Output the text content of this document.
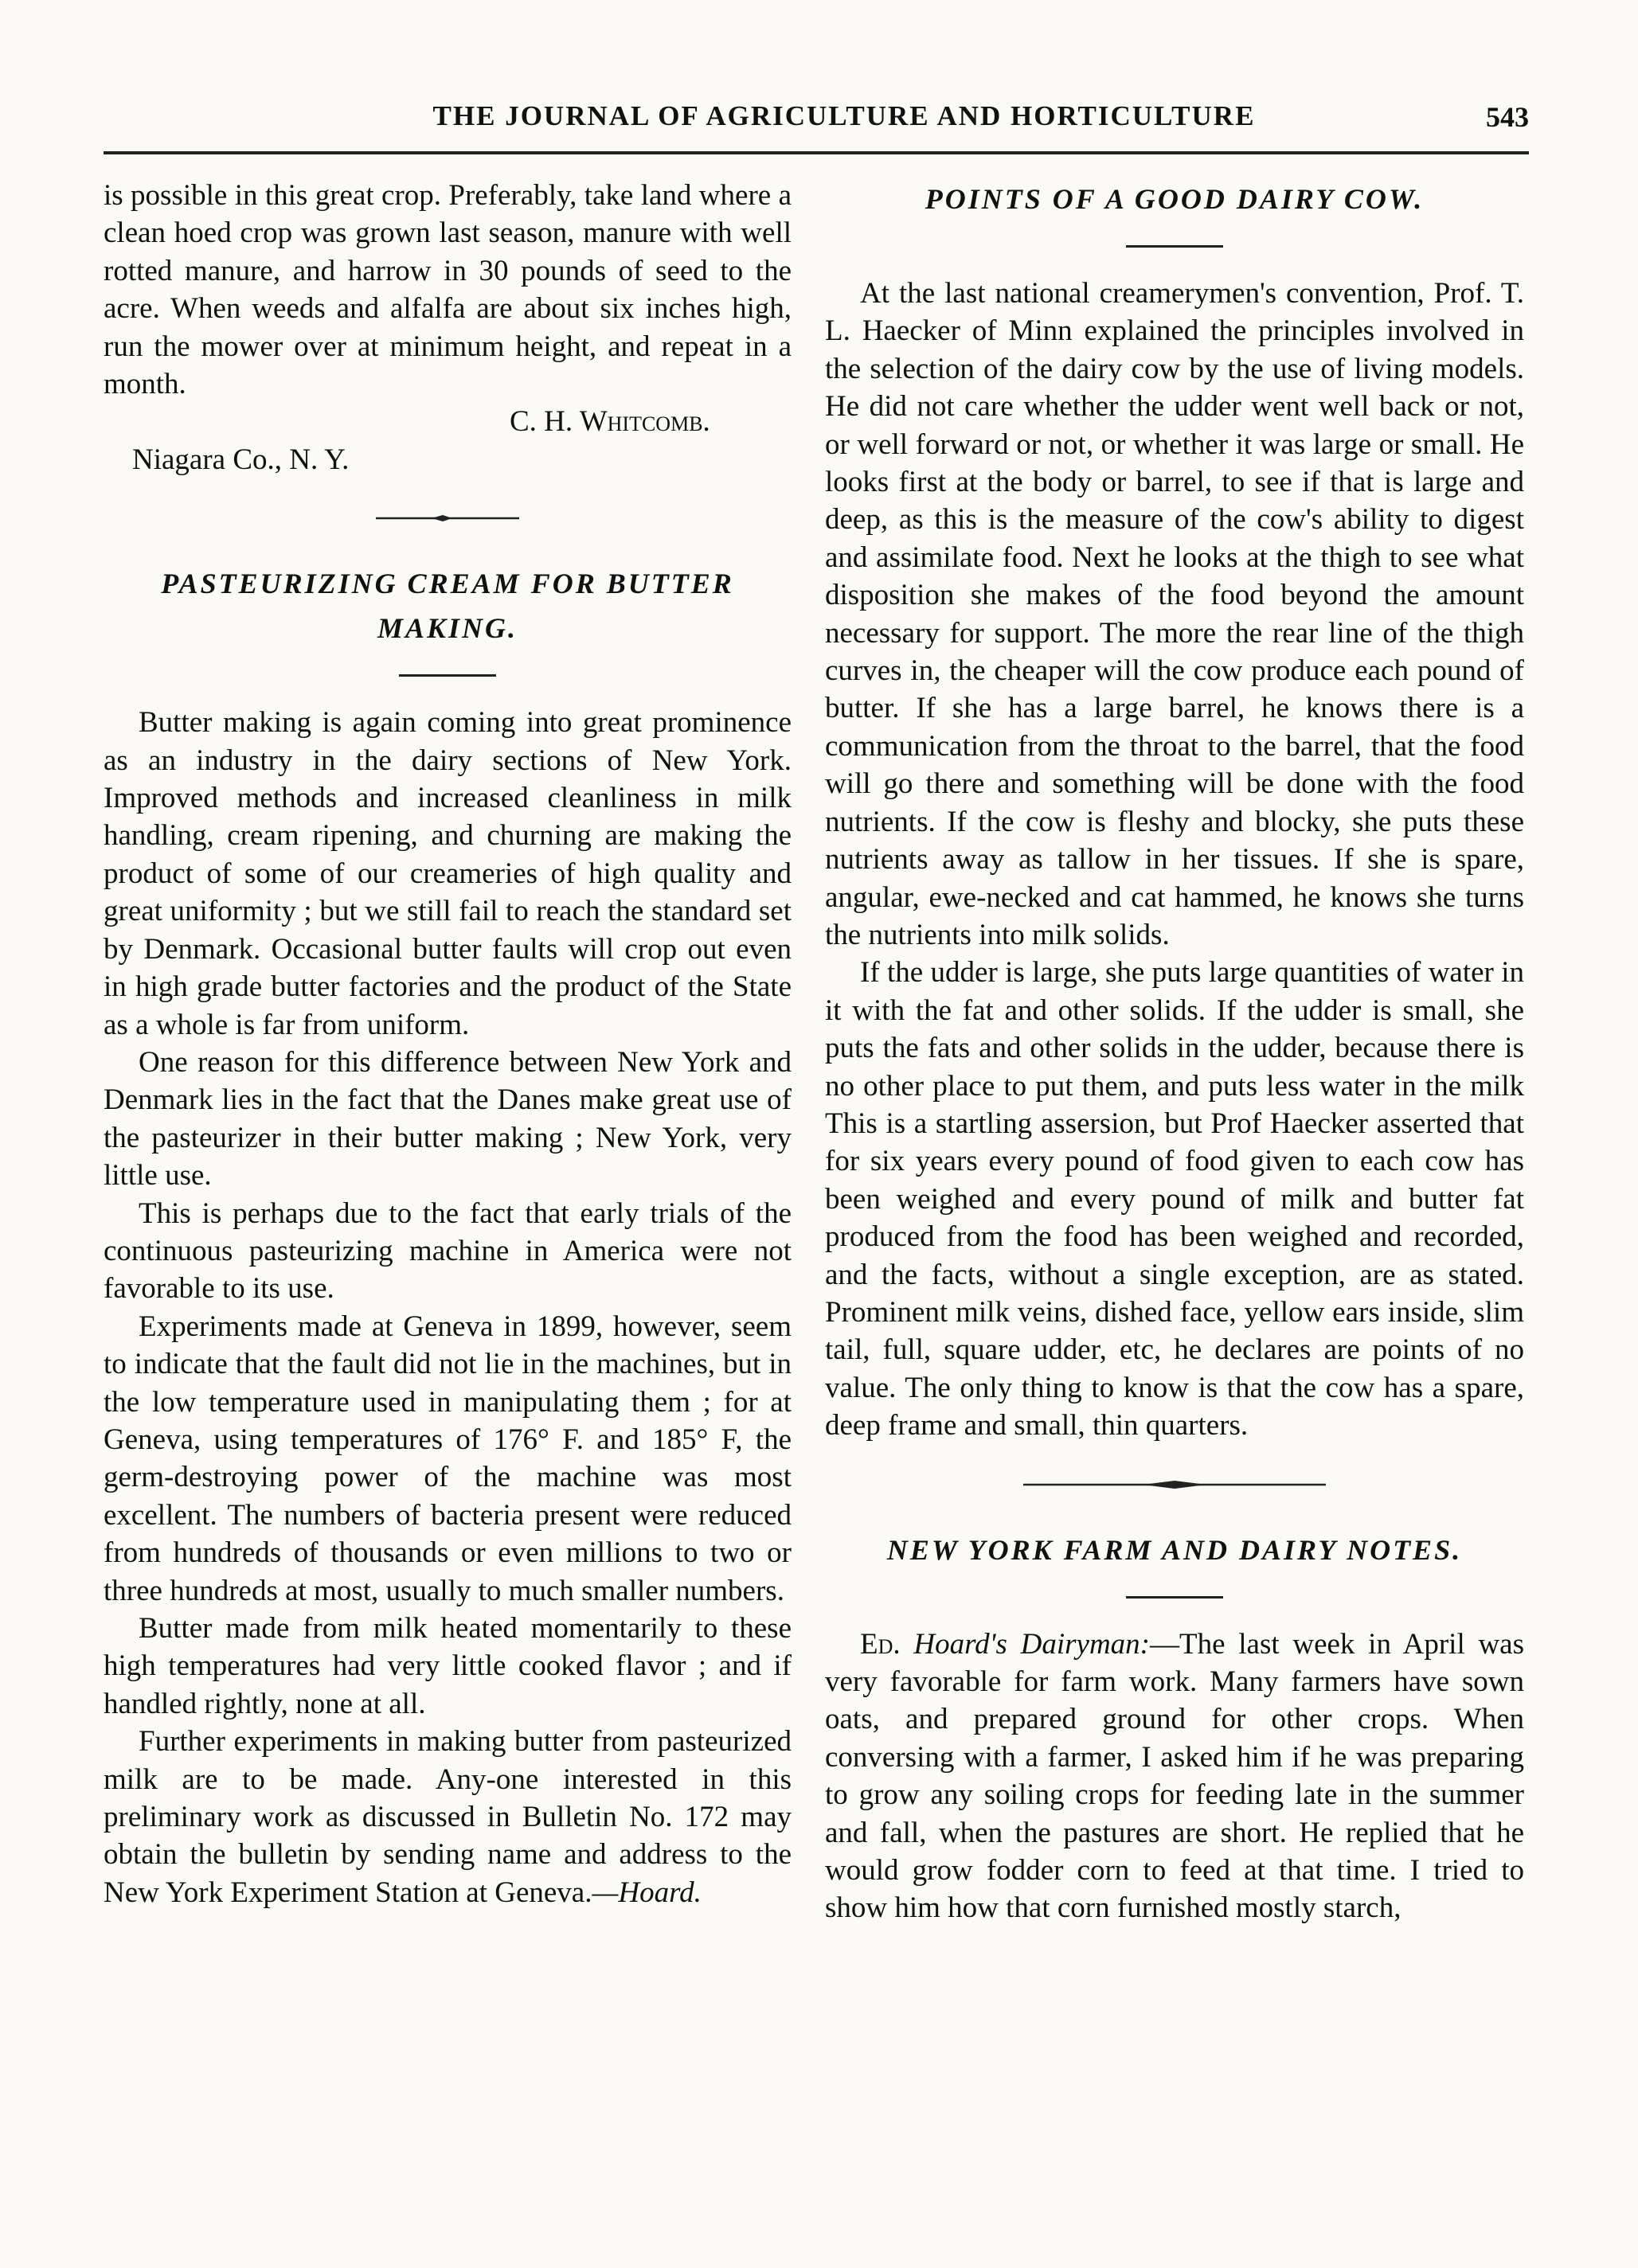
THE JOURNAL OF AGRICULTURE AND HORTICULTURE	543

is possible in this great crop. Preferably, take land where a clean hoed crop was grown last season, manure with well rotted manure, and harrow in 30 pounds of seed to the acre. When weeds and alfalfa are about six inches high, run the mower over at minimum height, and repeat in a month.

C. H. Whitcomb.

Niagara Co., N. Y.

PASTEURIZING CREAM FOR BUTTER MAKING.

Butter making is again coming into great prominence as an industry in the dairy sections of New York. Improved methods and increased cleanliness in milk handling, cream ripening, and churning are making the product of some of our creameries of high quality and great uniformity ; but we still fail to reach the standard set by Denmark. Occasional butter faults will crop out even in high grade butter factories and the product of the State as a whole is far from uniform.

One reason for this difference between New York and Denmark lies in the fact that the Danes make great use of the pasteurizer in their butter making ; New York, very little use.

This is perhaps due to the fact that early trials of the continuous pasteurizing machine in America were not favorable to its use.

Experiments made at Geneva in 1899, however, seem to indicate that the fault did not lie in the machines, but in the low temperature used in manipulating them ; for at Geneva, using temperatures of 176° F. and 185° F, the germ-destroying power of the machine was most excellent. The numbers of bacteria present were reduced from hundreds of thousands or even millions to two or three hundreds at most, usually to much smaller numbers.

Butter made from milk heated momentarily to these high temperatures had very little cooked flavor ; and if handled rightly, none at all.

Further experiments in making butter from pasteurized milk are to be made. Any-one interested in this preliminary work as discussed in Bulletin No. 172 may obtain the bulletin by sending name and address to the New York Experiment Station at Geneva.—Hoard.

POINTS OF A GOOD DAIRY COW.

At the last national creamerymen's convention, Prof. T. L. Haecker of Minn explained the principles involved in the selection of the dairy cow by the use of living models. He did not care whether the udder went well back or not, or well forward or not, or whether it was large or small. He looks first at the body or barrel, to see if that is large and deep, as this is the measure of the cow's ability to digest and assimilate food. Next he looks at the thigh to see what disposition she makes of the food beyond the amount necessary for support. The more the rear line of the thigh curves in, the cheaper will the cow produce each pound of butter. If she has a large barrel, he knows there is a communication from the throat to the barrel, that the food will go there and something will be done with the food nutrients. If the cow is fleshy and blocky, she puts these nutrients away as tallow in her tissues. If she is spare, angular, ewe-necked and cat hammed, he knows she turns the nutrients into milk solids.

If the udder is large, she puts large quantities of water in it with the fat and other solids. If the udder is small, she puts the fats and other solids in the udder, because there is no other place to put them, and puts less water in the milk This is a startling assersion, but Prof Haecker asserted that for six years every pound of food given to each cow has been weighed and every pound of milk and butter fat produced from the food has been weighed and recorded, and the facts, without a single exception, are as stated. Prominent milk veins, dished face, yellow ears inside, slim tail, full, square udder, etc, he declares are points of no value. The only thing to know is that the cow has a spare, deep frame and small, thin quarters.

NEW YORK FARM AND DAIRY NOTES.

Ed. Hoard's Dairyman:—The last week in April was very favorable for farm work. Many farmers have sown oats, and prepared ground for other crops. When conversing with a farmer, I asked him if he was preparing to grow any soiling crops for feeding late in the summer and fall, when the pastures are short. He replied that he would grow fodder corn to feed at that time. I tried to show him how that corn furnished mostly starch,
